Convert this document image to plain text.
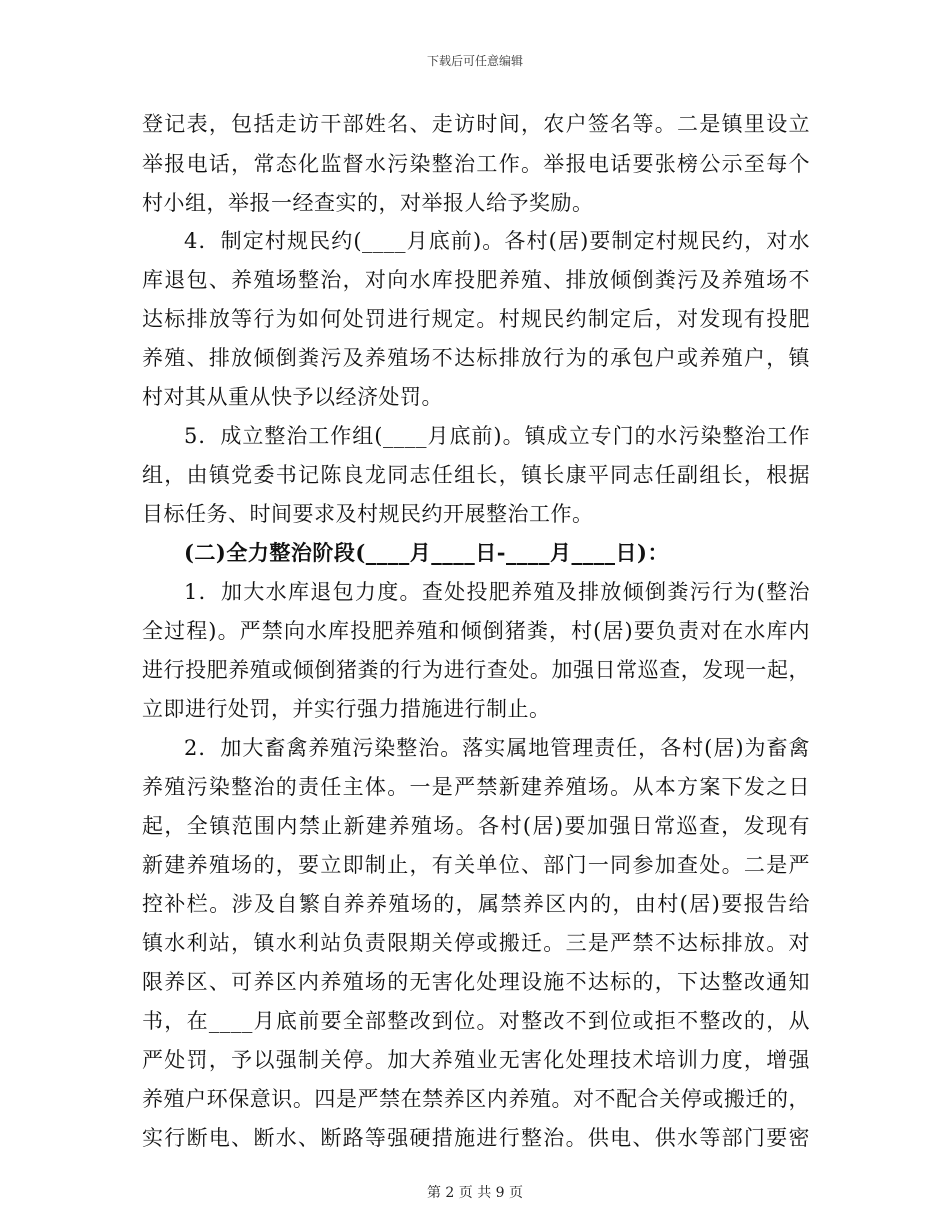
下载后可任意编辑
登记表，包括走访干部姓名、走访时间，农户签名等。二是镇里设立
举报电话，常态化监督水污染整治工作。举报电话要张榜公示至每个
村小组，举报一经查实的，对举报人给予奖励。
4．制定村规民约(____月底前)。各村(居)要制定村规民约，对水
库退包、养殖场整治，对向水库投肥养殖、排放倾倒粪污及养殖场不
达标排放等行为如何处罚进行规定。村规民约制定后，对发现有投肥
养殖、排放倾倒粪污及养殖场不达标排放行为的承包户或养殖户，镇
村对其从重从快予以经济处罚。
5．成立整治工作组(____月底前)。镇成立专门的水污染整治工作
组，由镇党委书记陈良龙同志任组长，镇长康平同志任副组长，根据
目标任务、时间要求及村规民约开展整治工作。
(二)全力整治阶段(____月____日-____月____日)：
1．加大水库退包力度。查处投肥养殖及排放倾倒粪污行为(整治
全过程)。严禁向水库投肥养殖和倾倒猪粪，村(居)要负责对在水库内
进行投肥养殖或倾倒猪粪的行为进行查处。加强日常巡查，发现一起，
立即进行处罚，并实行强力措施进行制止。
2．加大畜禽养殖污染整治。落实属地管理责任，各村(居)为畜禽
养殖污染整治的责任主体。一是严禁新建养殖场。从本方案下发之日
起，全镇范围内禁止新建养殖场。各村(居)要加强日常巡查，发现有
新建养殖场的，要立即制止，有关单位、部门一同参加查处。二是严
控补栏。涉及自繁自养养殖场的，属禁养区内的，由村(居)要报告给
镇水利站，镇水利站负责限期关停或搬迁。三是严禁不达标排放。对
限养区、可养区内养殖场的无害化处理设施不达标的，下达整改通知
书，在____月底前要全部整改到位。对整改不到位或拒不整改的，从
严处罚，予以强制关停。加大养殖业无害化处理技术培训力度，增强
养殖户环保意识。四是严禁在禁养区内养殖。对不配合关停或搬迁的，
实行断电、断水、断路等强硬措施进行整治。供电、供水等部门要密
第 2 页 共 9 页
